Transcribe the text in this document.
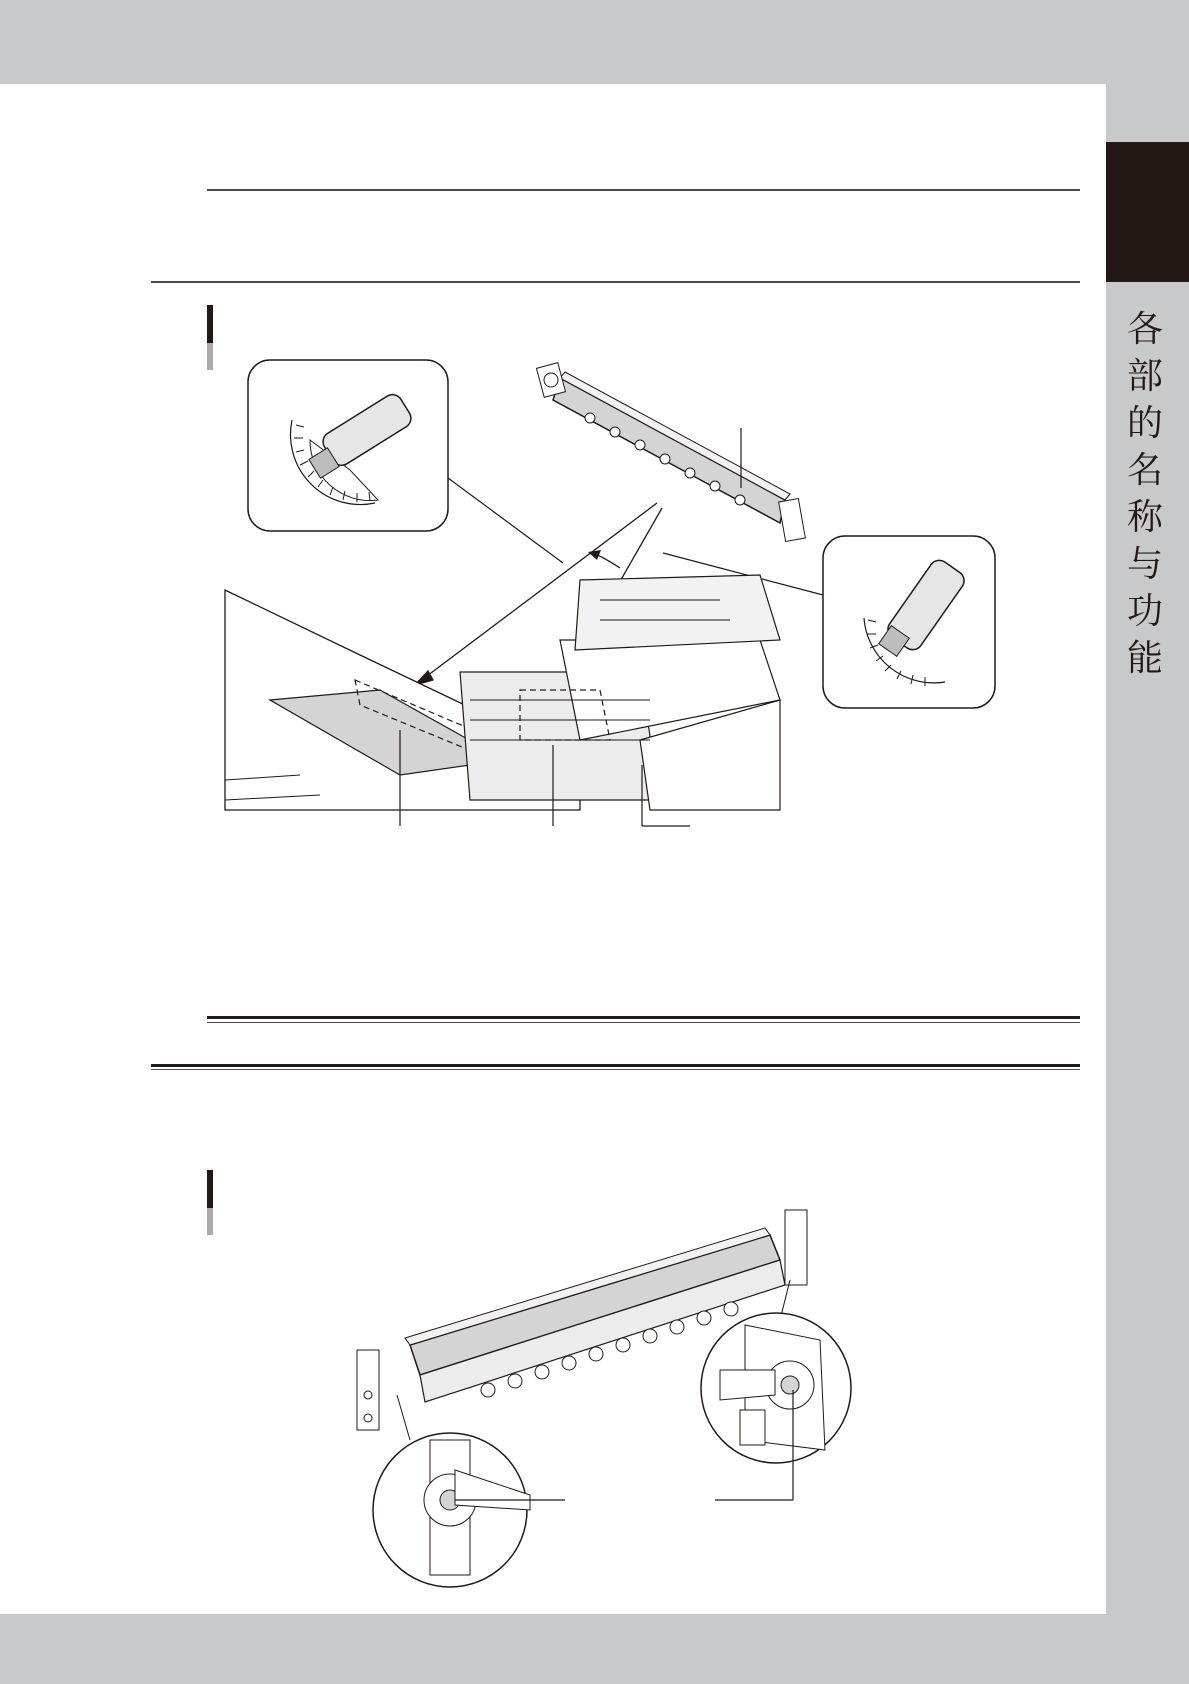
各
部
的
名
称
与
功
能
